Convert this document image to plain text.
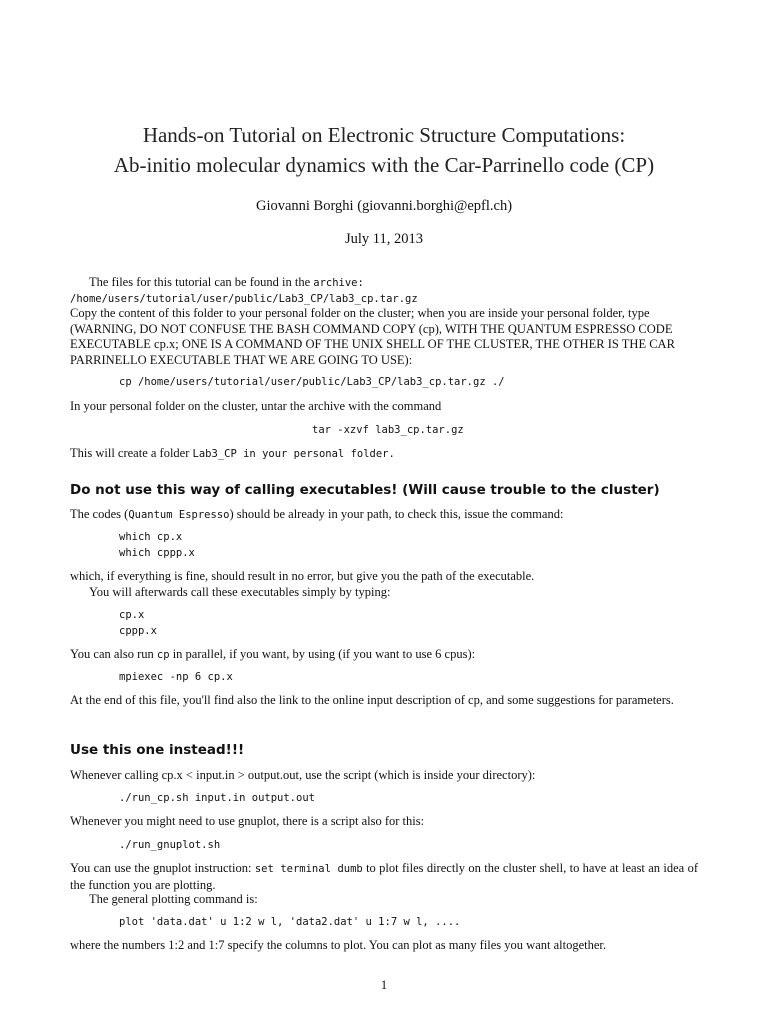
Hands-on Tutorial on Electronic Structure Computations:
Ab-initio molecular dynamics with the Car-Parrinello code (CP)
Giovanni Borghi (giovanni.borghi@epfl.ch)
July 11, 2013
The files for this tutorial can be found in the archive:
/home/users/tutorial/user/public/Lab3_CP/lab3_cp.tar.gz
Copy the content of this folder to your personal folder on the cluster; when you are inside your personal folder, type (WARNING, DO NOT CONFUSE THE BASH COMMAND COPY (cp), WITH THE QUANTUM ESPRESSO CODE EXECUTABLE cp.x; ONE IS A COMMAND OF THE UNIX SHELL OF THE CLUSTER, THE OTHER IS THE CAR PARRINELLO EXECUTABLE THAT WE ARE GOING TO USE):
cp /home/users/tutorial/user/public/Lab3_CP/lab3_cp.tar.gz ./
In your personal folder on the cluster, untar the archive with the command
tar -xzvf lab3_cp.tar.gz
This will create a folder Lab3_CP in your personal folder.
Do not use this way of calling executables! (Will cause trouble to the cluster)
The codes (Quantum Espresso) should be already in your path, to check this, issue the command:
which cp.x
which cppp.x
which, if everything is fine, should result in no error, but give you the path of the executable.
You will afterwards call these executables simply by typing:
cp.x
cppp.x
You can also run cp in parallel, if you want, by using (if you want to use 6 cpus):
mpiexec -np 6 cp.x
At the end of this file, you'll find also the link to the online input description of cp, and some suggestions for parameters.
Use this one instead!!!
Whenever calling cp.x < input.in > output.out, use the script (which is inside your directory):
./run_cp.sh input.in output.out
Whenever you might need to use gnuplot, there is a script also for this:
./run_gnuplot.sh
You can use the gnuplot instruction: set terminal dumb to plot files directly on the cluster shell, to have at least an idea of the function you are plotting.
The general plotting command is:
plot 'data.dat' u 1:2 w l, 'data2.dat' u 1:7 w l, ....
where the numbers 1:2 and 1:7 specify the columns to plot. You can plot as many files you want altogether.
1
